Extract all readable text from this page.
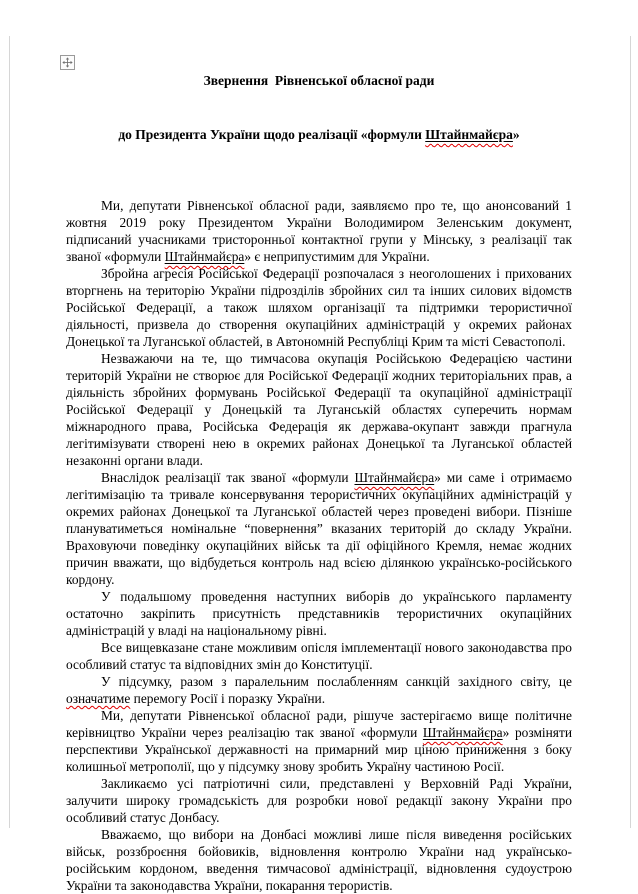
Звернення  Рівненської обласної ради

до Президента України щодо реалізації «формули Штайнмайєра»

Ми, депутати Рівненської обласної ради, заявляємо про те, що анонсований 1 жовтня 2019 року Президентом України Володимиром Зеленським документ, підписаний учасниками тристоронньої контактної групи у Мінську, з реалізації так званої «формули Штайнмайєра» є неприпустимим для України.

Збройна агресія Російської Федерації розпочалася з неоголошених і прихованих вторгнень на територію України підрозділів збройних сил та інших силових відомств Російської Федерації, а також шляхом організації та підтримки терористичної діяльності, призвела до створення окупаційних адміністрацій у окремих районах Донецької та Луганської областей, в Автономній Республіці Крим та місті Севастополі.

Незважаючи на те, що тимчасова окупація Російською Федерацією частини територій України не створює для Російської Федерації жодних територіальних прав, а діяльність збройних формувань Російської Федерації та окупаційної адміністрації Російської Федерації у Донецькій та Луганській областях суперечить нормам міжнародного права, Російська Федерація як держава-окупант завжди прагнула легітимізувати створені нею в окремих районах Донецької та Луганської областей незаконні органи влади.

Внаслідок реалізації так званої «формули Штайнмайєра» ми саме і отримаємо легітимізацію та тривале консервування терористичних окупаційних адміністрацій у окремих районах Донецької та Луганської областей через проведені вибори. Пізніше плануватиметься номінальне “повернення” вказаних територій до складу України. Враховуючи поведінку окупаційних військ та дії офіційного Кремля, немає жодних причин вважати, що відбудеться контроль над всією ділянкою українсько-російського кордону.

У подальшому проведення наступних виборів до українського парламенту остаточно закріпить присутність представників терористичних окупаційних адміністрацій у владі на національному рівні.

Все вищевказане стане можливим опісля імплементації нового законодавства про особливий статус та відповідних змін до Конституції.

У підсумку, разом з паралельним послабленням санкцій західного світу, це означатиме перемогу Росії і поразку України.

Ми, депутати Рівненської обласної ради, рішуче застерігаємо вище політичне керівництво України через реалізацію так званої «формули Штайнмайєра» розміняти перспективи Української державності на примарний мир ціною приниження з боку колишньої метрополії, що у підсумку знову зробить Україну частиною Росії.

Закликаємо усі патріотичні сили, представлені у Верховній Раді України, залучити широку громадськість для розробки нової редакції закону України про особливий статус Донбасу.

Вважаємо, що вибори на Донбасі можливі лише після виведення російських військ, роззброєння бойовиків, відновлення контролю України над українсько-російським кордоном, введення тимчасової адміністрації, відновлення судоустрою України та законодавства України, покарання терористів.
